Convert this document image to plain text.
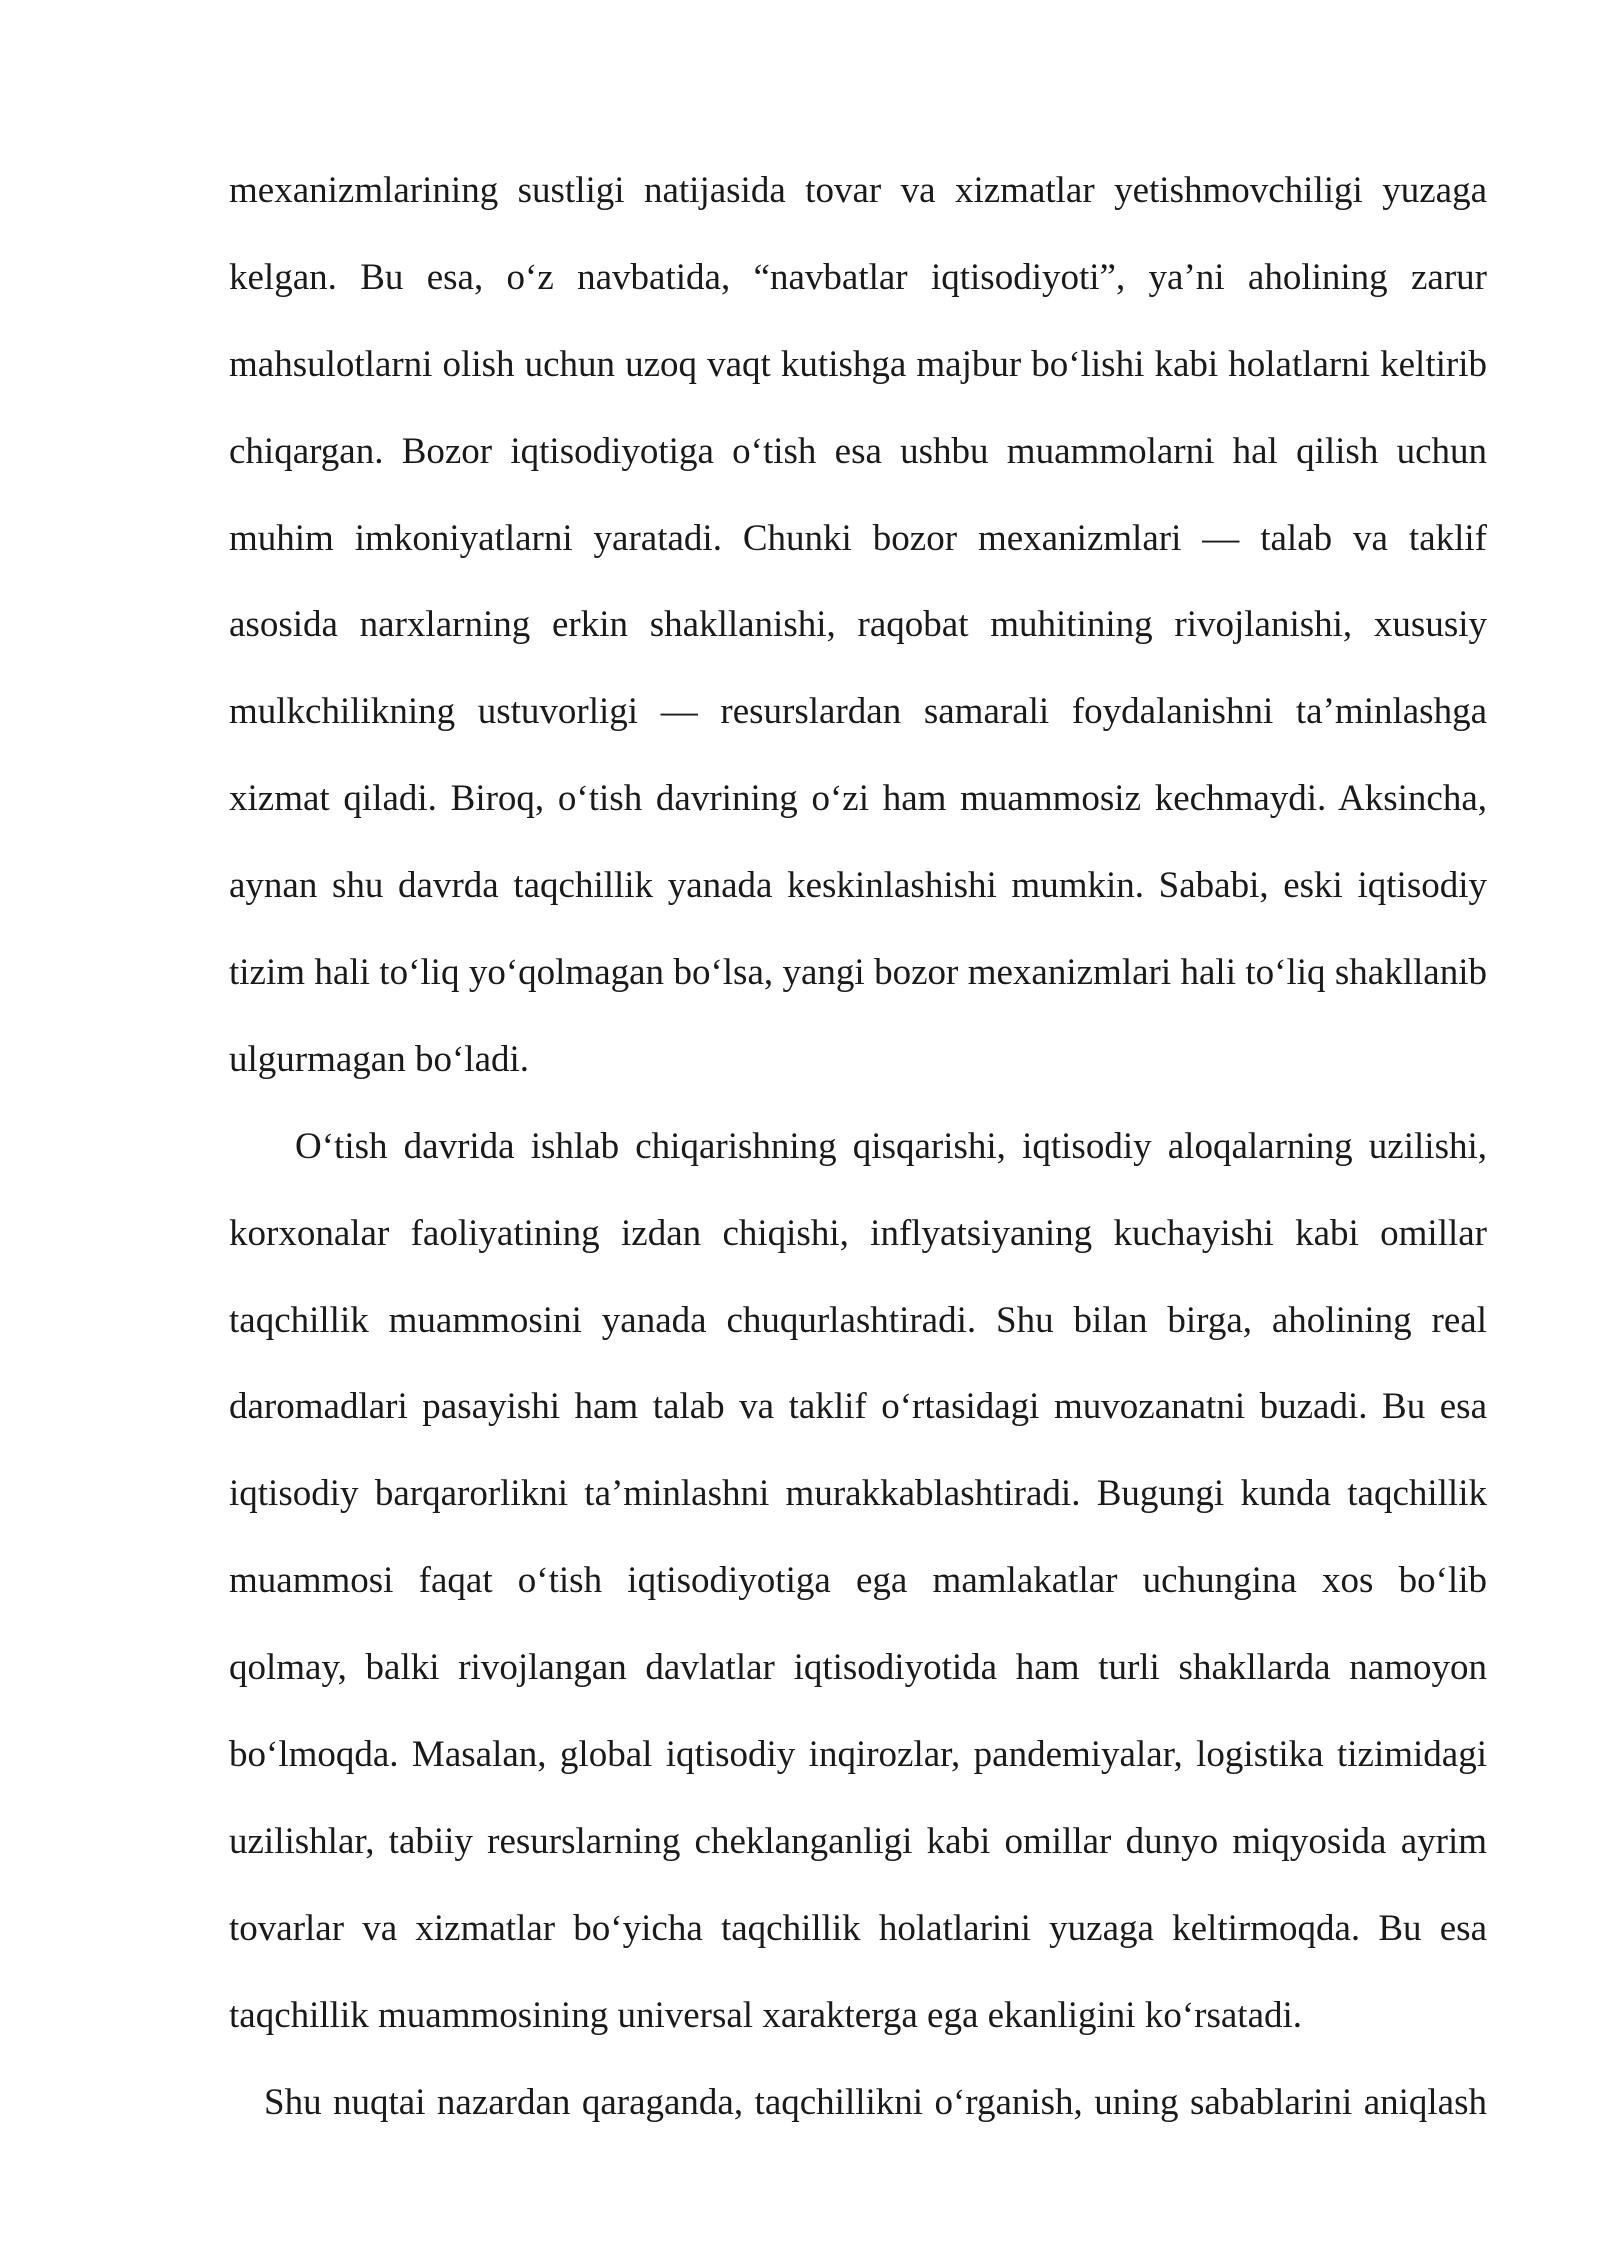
mexanizmlarining sustligi natijasida tovar va xizmatlar yetishmovchiligi yuzaga
kelgan. Bu esa, o‘z navbatida, “navbatlar iqtisodiyoti”, ya’ni aholining zarur
mahsulotlarni olish uchun uzoq vaqt kutishga majbur bo‘lishi kabi holatlarni keltirib
chiqargan. Bozor iqtisodiyotiga o‘tish esa ushbu muammolarni hal qilish uchun
muhim imkoniyatlarni yaratadi. Chunki bozor mexanizmlari — talab va taklif
asosida narxlarning erkin shakllanishi, raqobat muhitining rivojlanishi, xususiy
mulkchilikning ustuvorligi — resurslardan samarali foydalanishni ta’minlashga
xizmat qiladi. Biroq, o‘tish davrining o‘zi ham muammosiz kechmaydi. Aksincha,
aynan shu davrda taqchillik yanada keskinlashishi mumkin. Sababi, eski iqtisodiy
tizim hali to‘liq yo‘qolmagan bo‘lsa, yangi bozor mexanizmlari hali to‘liq shakllanib
ulgurmagan bo‘ladi.
O‘tish davrida ishlab chiqarishning qisqarishi, iqtisodiy aloqalarning uzilishi,
korxonalar faoliyatining izdan chiqishi, inflyatsiyaning kuchayishi kabi omillar
taqchillik muammosini yanada chuqurlashtiradi. Shu bilan birga, aholining real
daromadlari pasayishi ham talab va taklif o‘rtasidagi muvozanatni buzadi. Bu esa
iqtisodiy barqarorlikni ta’minlashni murakkablashtiradi. Bugungi kunda taqchillik
muammosi faqat o‘tish iqtisodiyotiga ega mamlakatlar uchungina xos bo‘lib
qolmay, balki rivojlangan davlatlar iqtisodiyotida ham turli shakllarda namoyon
bo‘lmoqda. Masalan, global iqtisodiy inqirozlar, pandemiyalar, logistika tizimidagi
uzilishlar, tabiiy resurslarning cheklanganligi kabi omillar dunyo miqyosida ayrim
tovarlar va xizmatlar bo‘yicha taqchillik holatlarini yuzaga keltirmoqda. Bu esa
taqchillik muammosining universal xarakterga ega ekanligini ko‘rsatadi.
Shu nuqtai nazardan qaraganda, taqchillikni o‘rganish, uning sabablarini aniqlash
